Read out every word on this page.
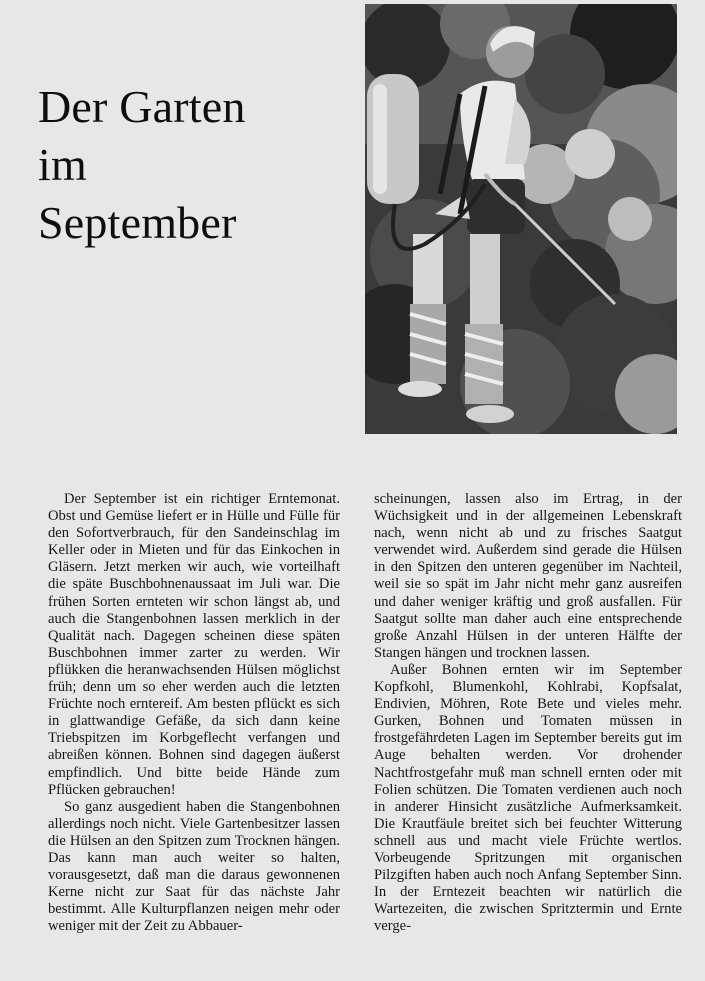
Der Garten
im
September

Der September ist ein richtiger Erntemonat. Obst und Gemüse liefert er in Hülle und Fülle für den Sofortverbrauch, für den Sandeinschlag im Keller oder in Mieten und für das Einkochen in Gläsern. Jetzt merken wir auch, wie vorteilhaft die späte Buschbohnenaussaat im Juli war. Die frühen Sorten ernteten wir schon längst ab, und auch die Stangenbohnen lassen merklich in der Qualität nach. Dagegen scheinen diese späten Buschbohnen immer zarter zu werden. Wir pflükken die heranwachsenden Hülsen möglichst früh; denn um so eher werden auch die letzten Früchte noch erntereif. Am besten pflückt es sich in glattwandige Gefäße, da sich dann keine Triebspitzen im Korbgeflecht verfangen und abreißen können. Bohnen sind dagegen äußerst empfindlich. Und bitte beide Hände zum Pflücken gebrauchen!

So ganz ausgedient haben die Stangenbohnen allerdings noch nicht. Viele Gartenbesitzer lassen die Hülsen an den Spitzen zum Trocknen hängen. Das kann man auch weiter so halten, vorausgesetzt, daß man die daraus gewonnenen Kerne nicht zur Saat für das nächste Jahr bestimmt. Alle Kulturpflanzen neigen mehr oder weniger mit der Zeit zu Abbauer-

scheinungen, lassen also im Ertrag, in der Wüchsigkeit und in der allgemeinen Lebenskraft nach, wenn nicht ab und zu frisches Saatgut verwendet wird. Außerdem sind gerade die Hülsen in den Spitzen den unteren gegenüber im Nachteil, weil sie so spät im Jahr nicht mehr ganz ausreifen und daher weniger kräftig und groß ausfallen. Für Saatgut sollte man daher auch eine entsprechende große Anzahl Hülsen in der unteren Hälfte der Stangen hängen und trocknen lassen.

Außer Bohnen ernten wir im September Kopfkohl, Blumenkohl, Kohlrabi, Kopfsalat, Endivien, Möhren, Rote Bete und vieles mehr. Gurken, Bohnen und Tomaten müssen in frostgefährdeten Lagen im September bereits gut im Auge behalten werden. Vor drohender Nachtfrostgefahr muß man schnell ernten oder mit Folien schützen. Die Tomaten verdienen auch noch in anderer Hinsicht zusätzliche Aufmerksamkeit. Die Krautfäule breitet sich bei feuchter Witterung schnell aus und macht viele Früchte wertlos. Vorbeugende Spritzungen mit organischen Pilzgiften haben auch noch Anfang September Sinn. In der Erntezeit beachten wir natürlich die Wartezeiten, die zwischen Spritztermin und Ernte verge-
